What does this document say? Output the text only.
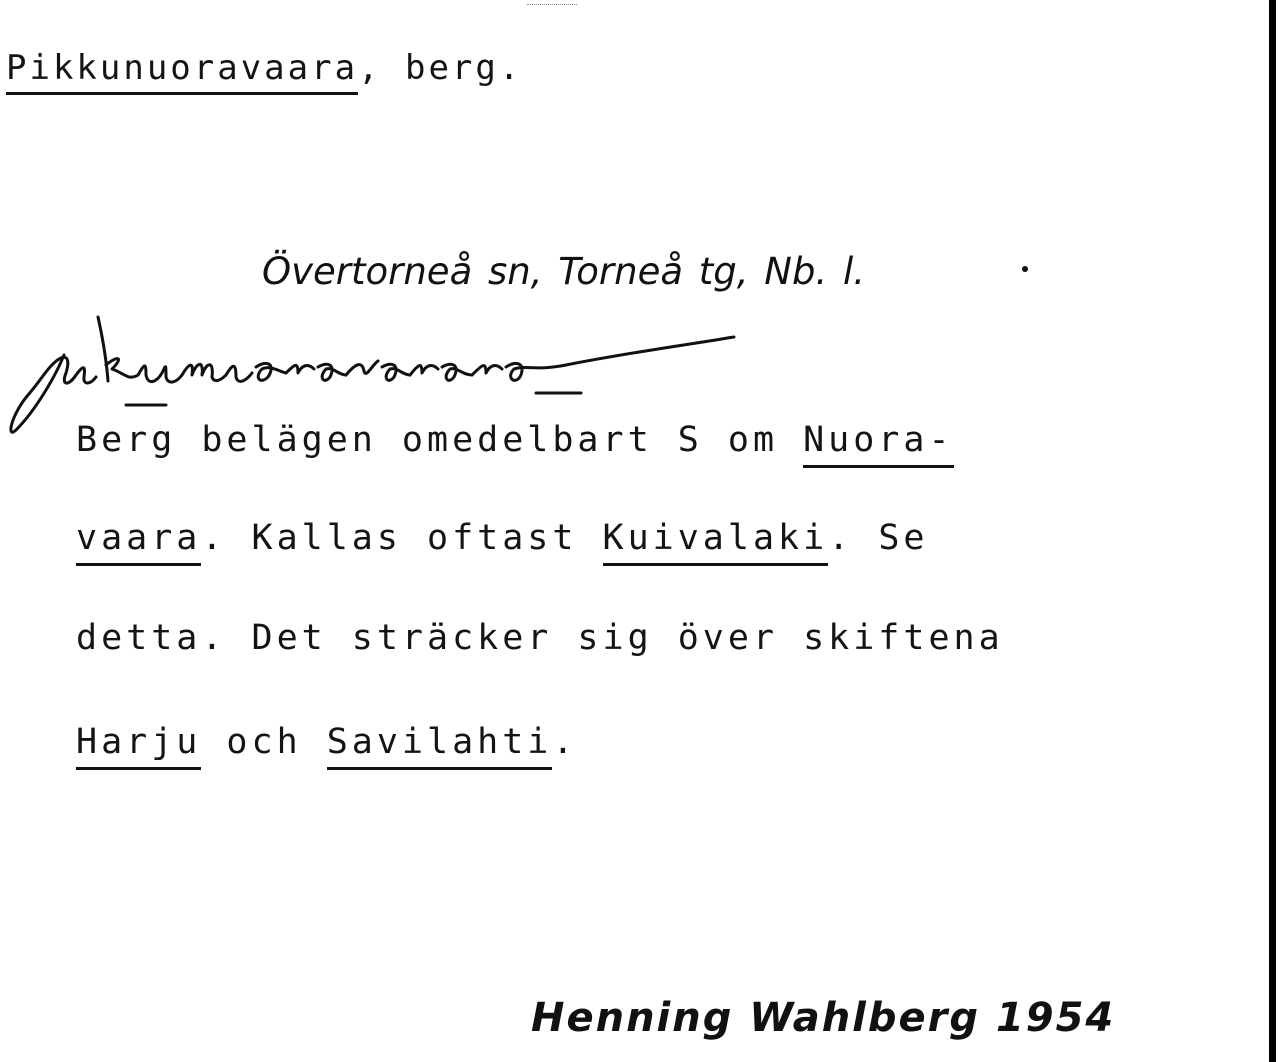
Pikkunuoravaara, berg.
Övertorneå sn, Torneå tg, Nb. l.
Berg belägen omedelbart S om Nuora-
vaara. Kallas oftast Kuivalaki. Se
detta. Det sträcker sig över skiftena
Harju och Savilahti.
Henning Wahlberg 1954
